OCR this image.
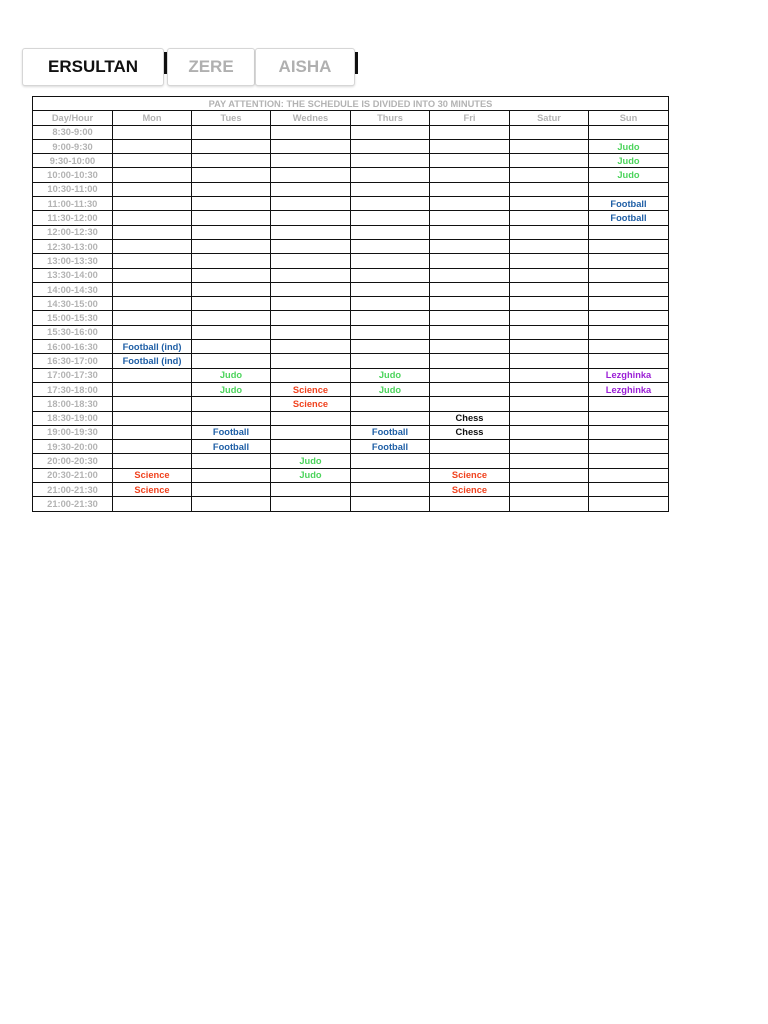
ERSULTAN	ZERE	AISHA
PAY ATTENTION: THE SCHEDULE IS DIVIDED INTO 30 MINUTES							
Day/Hour	Mon	Tues	Wednes	Thurs	Fri	Satur	Sun
8:30-9:00							
9:00-9:30							Judo
9:30-10:00							Judo
10:00-10:30							Judo
10:30-11:00							
11:00-11:30							Football
11:30-12:00							Football
12:00-12:30							
12:30-13:00							
13:00-13:30							
13:30-14:00							
14:00-14:30							
14:30-15:00							
15:00-15:30							
15:30-16:00							
16:00-16:30	Football (ind)						
16:30-17:00	Football (ind)						
17:00-17:30		Judo		Judo			Lezghinka
17:30-18:00		Judo	Science	Judo			Lezghinka
18:00-18:30			Science				
18:30-19:00					Chess		
19:00-19:30		Football		Football	Chess		
19:30-20:00		Football		Football			
20:00-20:30			Judo				
20:30-21:00	Science		Judo		Science		
21:00-21:30	Science				Science		
21:00-21:30							
